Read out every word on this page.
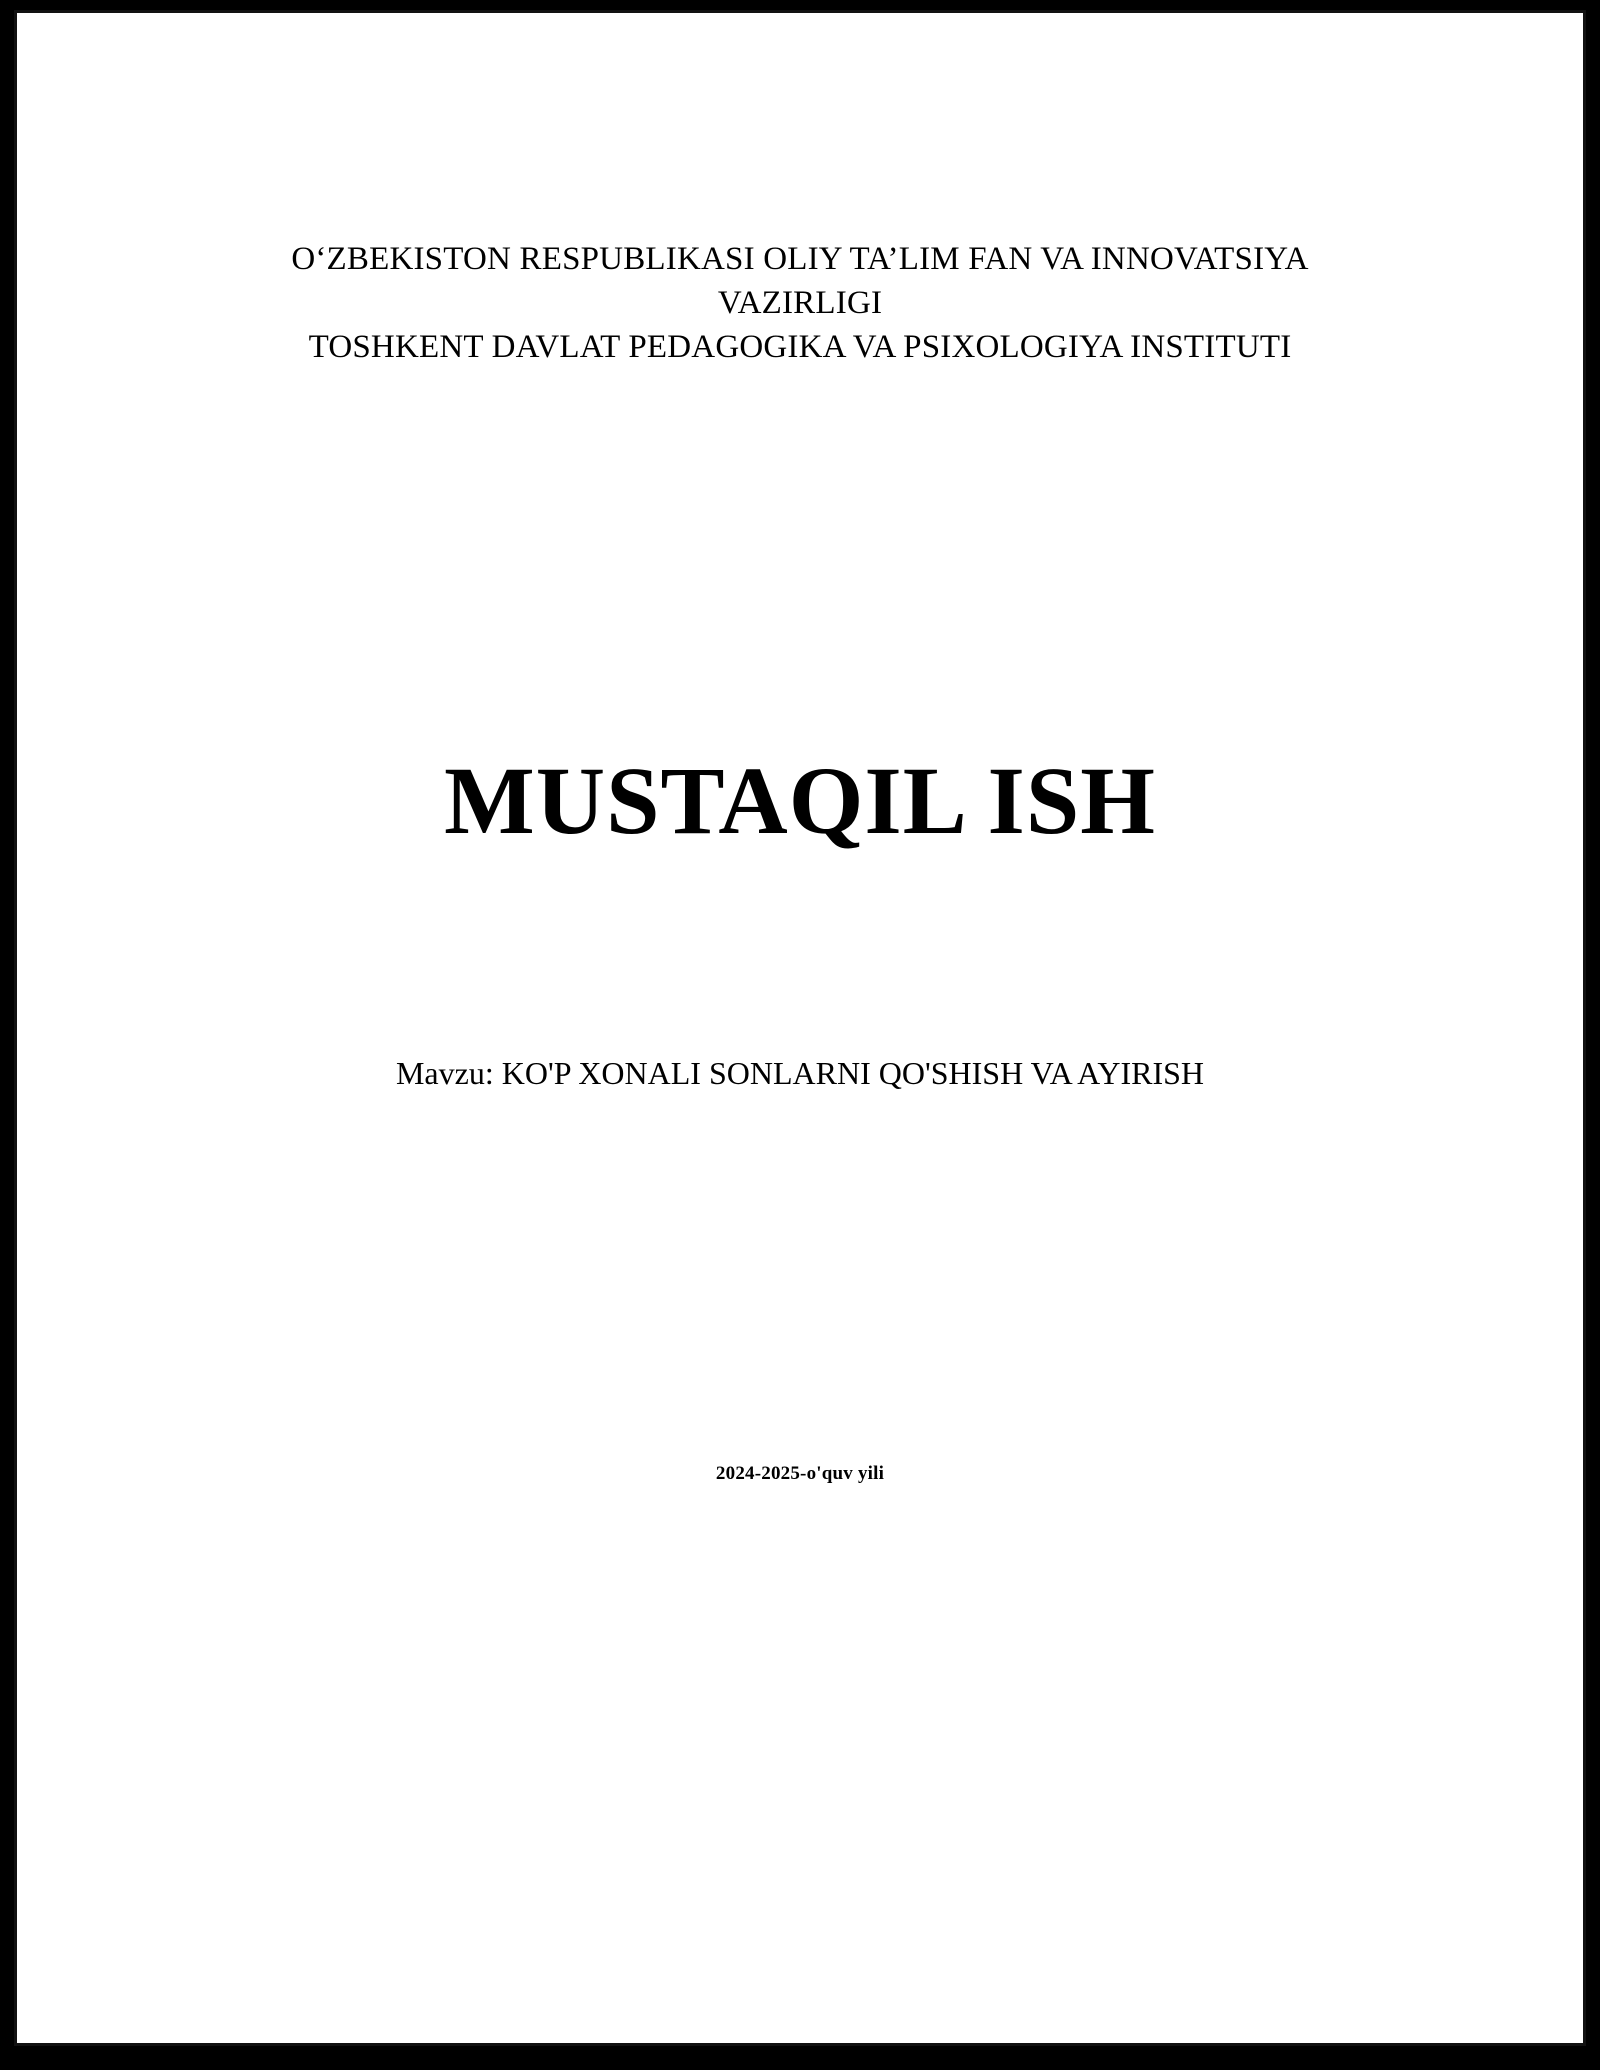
O‘ZBEKISTON RESPUBLIKASI OLIY TA’LIM FAN VA INNOVATSIYA VAZIRLIGI
TOSHKENT DAVLAT PEDAGOGIKA VA PSIXOLOGIYA INSTITUTI
MUSTAQIL ISH
Mavzu: KO'P XONALI SONLARNI QO'SHISH VA AYIRISH
2024-2025-o'quv yili
